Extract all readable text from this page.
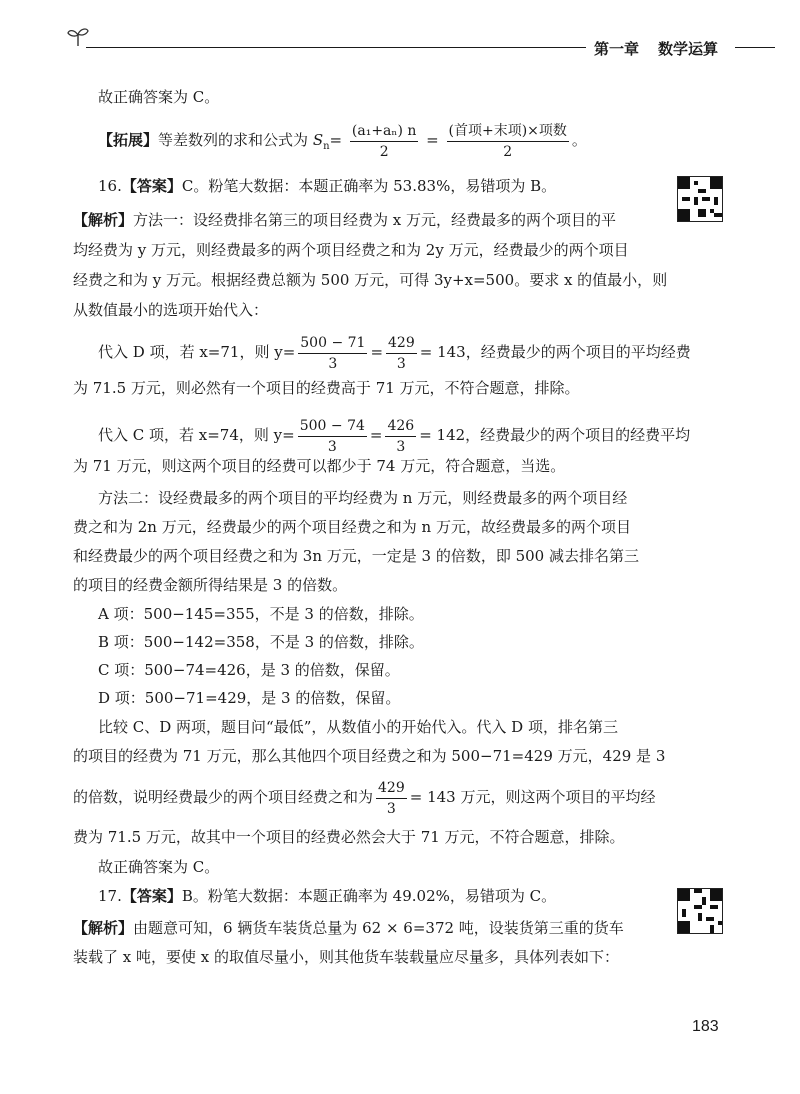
第一章 数学运算
故正确答案为 C。
【拓展】等差数列的求和公式为 $S_n= \frac{\text{(a₁+aₙ) n}}{2} = \frac{\text{(首项+末项)×项数}}{2}$ 。
16.【答案】C。粉笔大数据：本题正确率为 53.83%，易错项为 B。
【解析】方法一：设经费排名第三的项目经费为 x 万元，经费最多的两个项目的平
均经费为 y 万元，则经费最多的两个项目经费之和为 2y 万元，经费最少的两个项目
经费之和为 y 万元。根据经费总额为 500 万元，可得 3y+x=500。要求 x 的值最小，则
从数值最小的选项开始代入：
代入 D 项，若 x=71，则 $y= \frac{500 - 71}{3} = \frac{429}{3} = 143$，经费最少的两个项目的平均经费
为 71.5 万元，则必然有一个项目的经费高于 71 万元，不符合题意，排除。
代入 C 项，若 x=74，则 $y= \frac{500 - 74}{3} = \frac{426}{3} = 142$，经费最少的两个项目的经费平均
为 71 万元，则这两个项目的经费可以都少于 74 万元，符合题意，当选。
方法二：设经费最多的两个项目的平均经费为 n 万元，则经费最多的两个项目经
费之和为 2n 万元，经费最少的两个项目经费之和为 n 万元，故经费最多的两个项目
和经费最少的两个项目经费之和为 3n 万元，一定是 3 的倍数，即 500 减去排名第三
的项目的经费金额所得结果是 3 的倍数。
A 项：500−145=355，不是 3 的倍数，排除。
B 项：500−142=358，不是 3 的倍数，排除。
C 项：500−74=426，是 3 的倍数，保留。
D 项：500−71=429，是 3 的倍数，保留。
比较 C、D 两项，题目问“最低”，从数值小的开始代入。代入 D 项，排名第三
的项目的经费为 71 万元，那么其他四个项目经费之和为 500−71=429 万元，429 是 3
的倍数，说明经费最少的两个项目经费之和为 $\frac{429}{3} = 143$ 万元，则这两个项目的平均经
费为 71.5 万元，故其中一个项目的经费必然会大于 71 万元，不符合题意，排除。
故正确答案为 C。
17.【答案】B。粉笔大数据：本题正确率为 49.02%，易错项为 C。
【解析】由题意可知，6 辆货车装货总量为 62 × 6=372 吨，设装货第三重的货车
装载了 x 吨，要使 x 的取值尽量小，则其他货车装载量应尽量多，具体列表如下：
183
